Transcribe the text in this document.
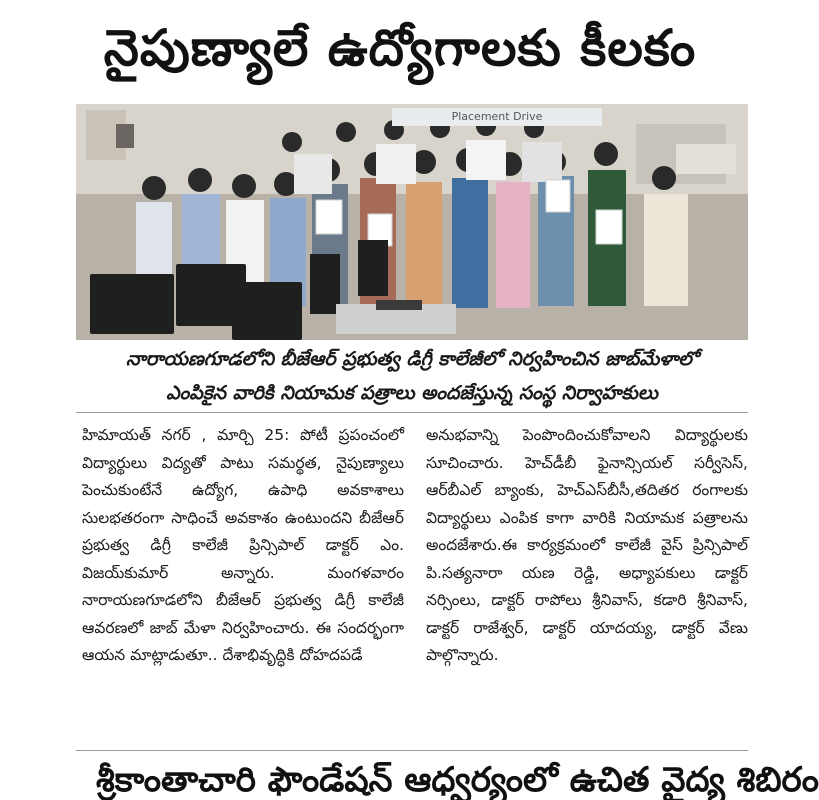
నైపుణ్యాలే ఉద్యోగాలకు కీలకం
Placement Drive
నారాయణగూడలోని బీజేఆర్ ప్రభుత్వ డిగ్రీ కాలేజీలో నిర్వహించిన జాబ్‌మేళాలో
ఎంపికైన వారికి నియామక పత్రాలు అందజేస్తున్న సంస్థ నిర్వాహకులు

హిమాయత్ నగర్ , మార్చి 25: పోటీ ప్రపంచంలో విద్యార్థులు విద్యతో పాటు సమర్థత, నైపుణ్యాలు పెంచుకుంటేనే ఉద్యోగ, ఉపాధి అవకాశాలు సులభతరంగా సాధించే అవకాశం ఉంటుందని బీజేఆర్ ప్రభుత్వ డిగ్రీ కాలేజీ ప్రిన్సిపాల్ డాక్టర్ ఎం. విజయ్‌కుమార్ అన్నారు. మంగళవారం నారాయణగూడలోని బీజేఆర్ ప్రభుత్వ డిగ్రీ కాలేజీ ఆవరణలో జాబ్ మేళా నిర్వహించారు. ఈ సందర్భంగా ఆయన మాట్లాడుతూ.. దేశాభివృద్ధికి దోహదపడే

అనుభవాన్ని పెంపొందించుకోవాలని విద్యార్థులకు సూచించారు. హెచ్‌డీబీ ఫైనాన్సియల్ సర్వీసెస్, ఆర్‌బీఎల్ బ్యాంకు, హెచ్ఎస్‌బీసీ,తదితర రంగాలకు విద్యార్థులు ఎంపిక కాగా వారికి నియామక పత్రాలను అందజేశారు.ఈ కార్యక్రమంలో కాలేజీ వైస్ ప్రిన్సిపాల్ పి.సత్యనారా యణ రెడ్డి, అధ్యాపకులు డాక్టర్ నర్సింలు, డాక్టర్ రాపోలు శ్రీనివాస్, కడారి శ్రీనివాస్, డాక్టర్ రాజేశ్వర్, డాక్టర్ యాదయ్య, డాక్టర్ వేణు పాల్గొన్నారు.

శ్రీకాంతాచారి ఫౌండేషన్ ఆధ్వర్యంలో ఉచిత వైద్య శిబిరం
